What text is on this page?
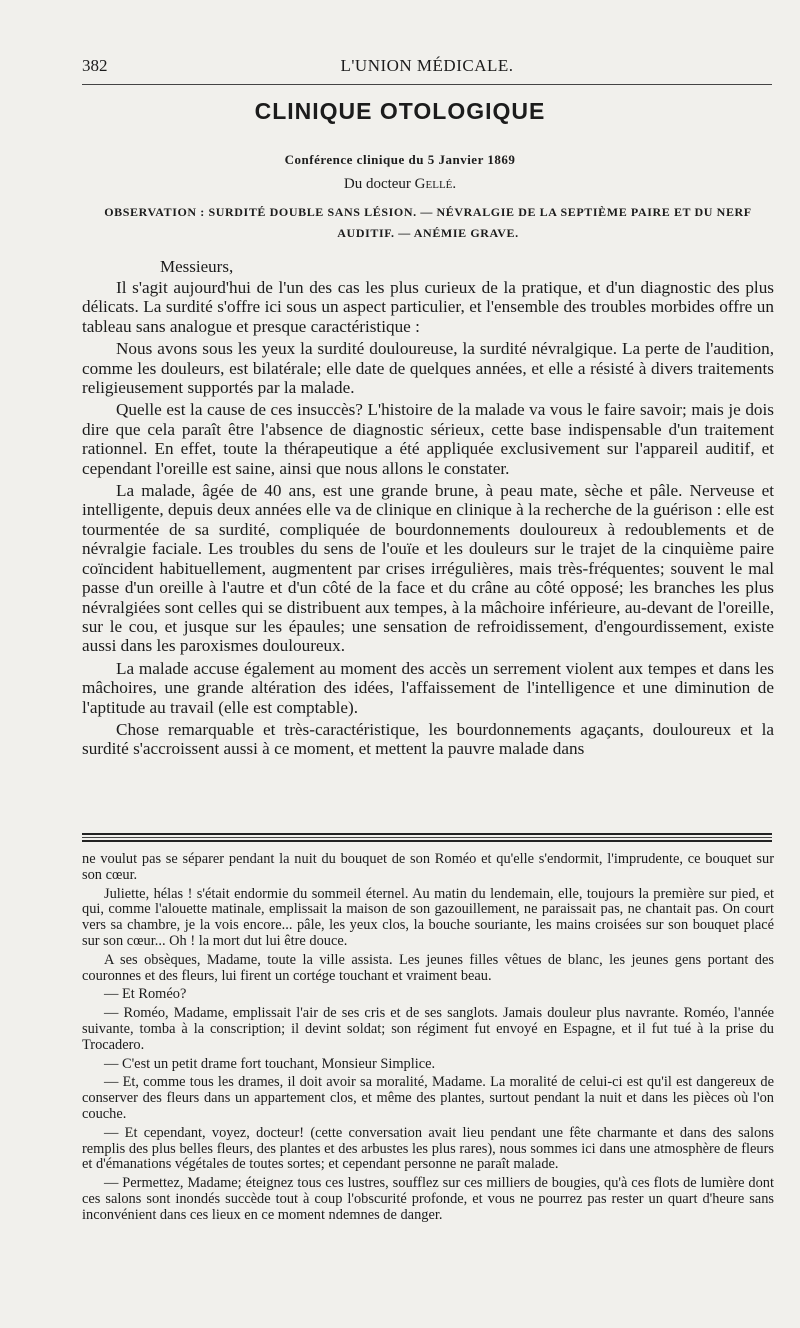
382	L'UNION MÉDICALE.
CLINIQUE OTOLOGIQUE
Conférence clinique du 5 Janvier 1869
Du docteur Gellé.
OBSERVATION : SURDITÉ DOUBLE SANS LÉSION. — NÉVRALGIE DE LA SEPTIÈME PAIRE ET DU NERF AUDITIF. — ANÉMIE GRAVE.
Messieurs,

Il s'agit aujourd'hui de l'un des cas les plus curieux de la pratique, et d'un diagnostic des plus délicats. La surdité s'offre ici sous un aspect particulier, et l'ensemble des troubles morbides offre un tableau sans analogue et presque caractéristique :

Nous avons sous les yeux la surdité douloureuse, la surdité névralgique. La perte de l'audition, comme les douleurs, est bilatérale; elle date de quelques années, et elle a résisté à divers traitements religieusement supportés par la malade.

Quelle est la cause de ces insuccès? L'histoire de la malade va vous le faire savoir; mais je dois dire que cela paraît être l'absence de diagnostic sérieux, cette base indispensable d'un traitement rationnel. En effet, toute la thérapeutique a été appliquée exclusivement sur l'appareil auditif, et cependant l'oreille est saine, ainsi que nous allons le constater.

La malade, âgée de 40 ans, est une grande brune, à peau mate, sèche et pâle. Nerveuse et intelligente, depuis deux années elle va de clinique en clinique à la recherche de la guérison : elle est tourmentée de sa surdité, compliquée de bourdonnements douloureux à redoublements et de névralgie faciale. Les troubles du sens de l'ouïe et les douleurs sur le trajet de la cinquième paire coïncident habituellement, augmentent par crises irrégulières, mais très-fréquentes; souvent le mal passe d'un oreille à l'autre et d'un côté de la face et du crâne au côté opposé; les branches les plus névralgiées sont celles qui se distribuent aux tempes, à la mâchoire inférieure, au-devant de l'oreille, sur le cou, et jusque sur les épaules; une sensation de refroidissement, d'engourdissement, existe aussi dans les paroxismes douloureux.

La malade accuse également au moment des accès un serrement violent aux tempes et dans les mâchoires, une grande altération des idées, l'affaissement de l'intelligence et une diminution de l'aptitude au travail (elle est comptable).

Chose remarquable et très-caractéristique, les bourdonnements agaçants, douloureux et la surdité s'accroissent aussi à ce moment, et mettent la pauvre malade dans

ne voulut pas se séparer pendant la nuit du bouquet de son Roméo et qu'elle s'endormit, l'imprudente, ce bouquet sur son cœur.

Juliette, hélas ! s'était endormie du sommeil éternel. Au matin du lendemain, elle, toujours la première sur pied, et qui, comme l'alouette matinale, emplissait la maison de son gazouillement, ne paraissait pas, ne chantait pas. On court vers sa chambre, je la vois encore... pâle, les yeux clos, la bouche souriante, les mains croisées sur son bouquet placé sur son cœur... Oh ! la mort dut lui être douce.

A ses obsèques, Madame, toute la ville assista. Les jeunes filles vêtues de blanc, les jeunes gens portant des couronnes et des fleurs, lui firent un cortége touchant et vraiment beau.

— Et Roméo?

— Roméo, Madame, emplissait l'air de ses cris et de ses sanglots. Jamais douleur plus navrante. Roméo, l'année suivante, tomba à la conscription; il devint soldat; son régiment fut envoyé en Espagne, et il fut tué à la prise du Trocadero.

— C'est un petit drame fort touchant, Monsieur Simplice.

— Et, comme tous les drames, il doit avoir sa moralité, Madame. La moralité de celui-ci est qu'il est dangereux de conserver des fleurs dans un appartement clos, et même des plantes, surtout pendant la nuit et dans les pièces où l'on couche.

— Et cependant, voyez, docteur! (cette conversation avait lieu pendant une fête charmante et dans des salons remplis des plus belles fleurs, des plantes et des arbustes les plus rares), nous sommes ici dans une atmosphère de fleurs et d'émanations végétales de toutes sortes; et cependant personne ne paraît malade.

— Permettez, Madame; éteignez tous ces lustres, soufflez sur ces milliers de bougies, qu'à ces flots de lumière dont ces salons sont inondés succède tout à coup l'obscurité profonde, et vous ne pourrez pas rester un quart d'heure sans inconvénient dans ces lieux en ce moment ndemnes de danger.
